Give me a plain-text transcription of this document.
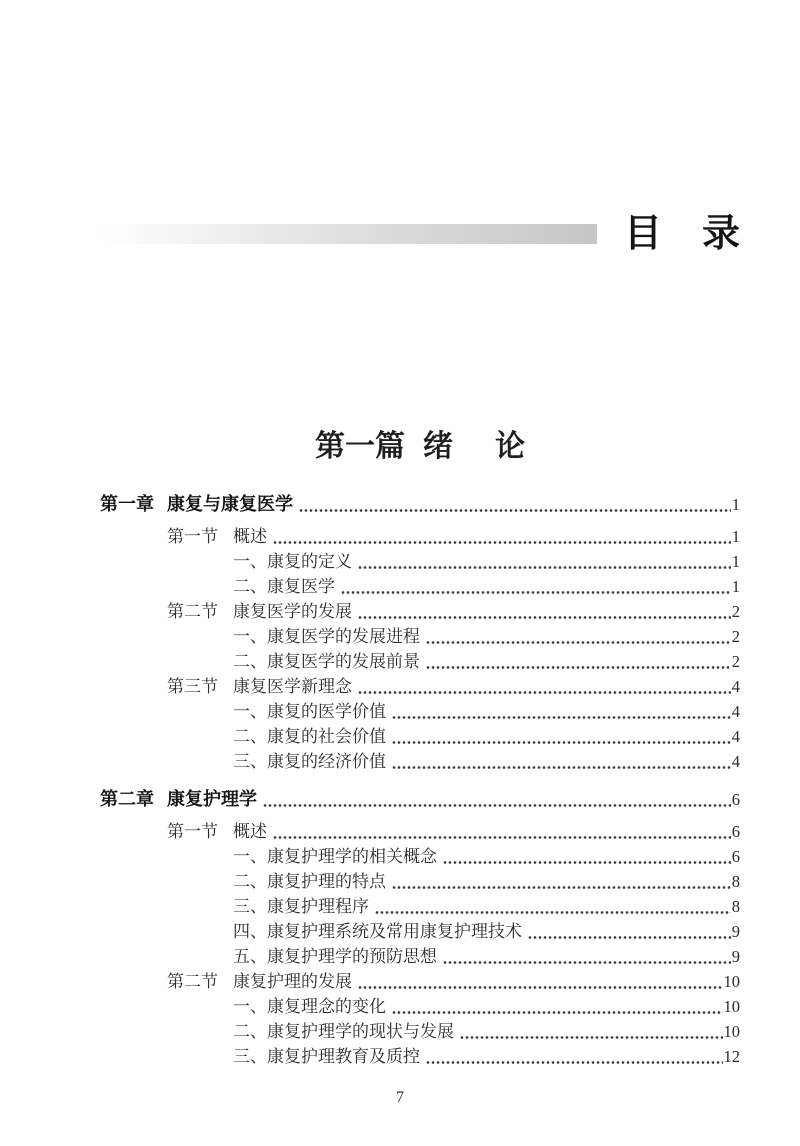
目 录
第一篇 绪 论
第一章 康复与康复医学	1
第一节 概述	1
一、康复的定义	1
二、康复医学	1
第二节 康复医学的发展	2
一、康复医学的发展进程	2
二、康复医学的发展前景	2
第三节 康复医学新理念	4
一、康复的医学价值	4
二、康复的社会价值	4
三、康复的经济价值	4
第二章 康复护理学	6
第一节 概述	6
一、康复护理学的相关概念	6
二、康复护理的特点	8
三、康复护理程序	8
四、康复护理系统及常用康复护理技术	9
五、康复护理学的预防思想	9
第二节 康复护理的发展	10
一、康复理念的变化	10
二、康复护理学的现状与发展	10
三、康复护理教育及质控	12
7
